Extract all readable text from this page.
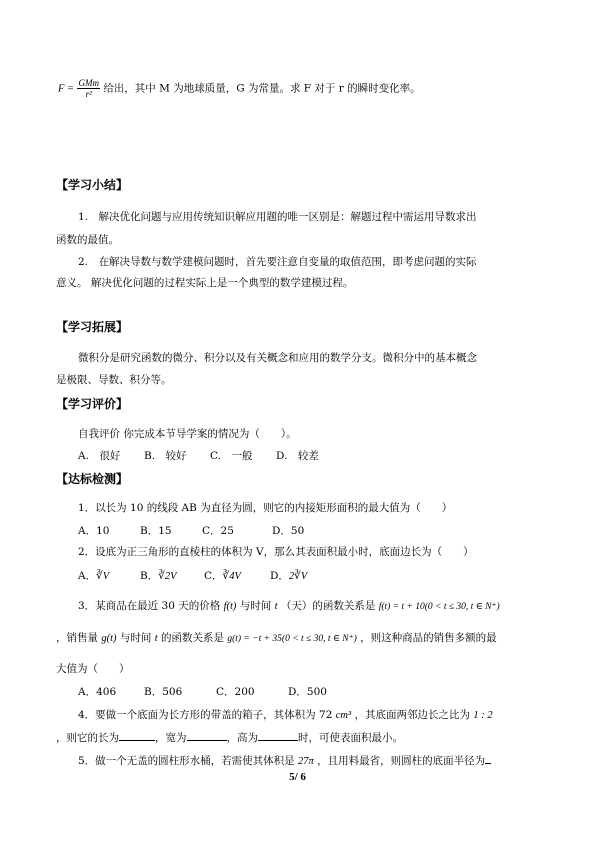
$F = \frac{\text{GMm}}{\text{r²}}$ 给出，其中 M 为地球质量，G 为常量。求 F 对于 r 的瞬时变化率。
【学习小结】
1.　解决优化问题与应用传统知识解应用题的唯一区别是：解题过程中需运用导数求出
函数的最值。
2.　在解决导数与数学建模问题时，首先要注意自变量的取值范围，即考虑问题的实际
意义。 解决优化问题的过程实际上是一个典型的数学建模过程。
【学习拓展】
微积分是研究函数的微分、积分以及有关概念和应用的数学分支。微积分中的基本概念
是极限、导数、积分等。
【学习评价】
自我评价 你完成本节导学案的情况为（　　）。
A.　很好 B.　较好 C.　一般 D.　较差
【达标检测】
1．以长为 10 的线段 AB 为直径为圆，则它的内接矩形面积的最大值为（　　）
A．10	B．15	C．25	D．50
2．设底为正三角形的直棱柱的体积为 V，那么其表面积最小时，底面边长为（　　）
A．∛V	B．∛2V	C．∛4V	D．2∛V
3．某商品在最近 30 天的价格 f(t) 与时间 t （天）的函数关系是 f(t) = t + 10(0 < t ≤ 30, t ∈ N⁺)
，销售量 g(t) 与时间 t 的函数关系是 g(t) = −t + 35(0 < t ≤ 30, t ∈ N⁺) ，则这种商品的销售多额的最
大值为（　　）
A．406	B．506	C．200	D．500
4．要做一个底面为长方形的带盖的箱子，其体积为 72 cm³ ，其底面两邻边长之比为 1 : 2
，则它的长为	，宽为	，高为	时，可使表面积最小。
5．做一个无盖的圆柱形水桶，若需使其体积是 27π ，且用料最省，则圆柱的底面半径为
5/ 6
